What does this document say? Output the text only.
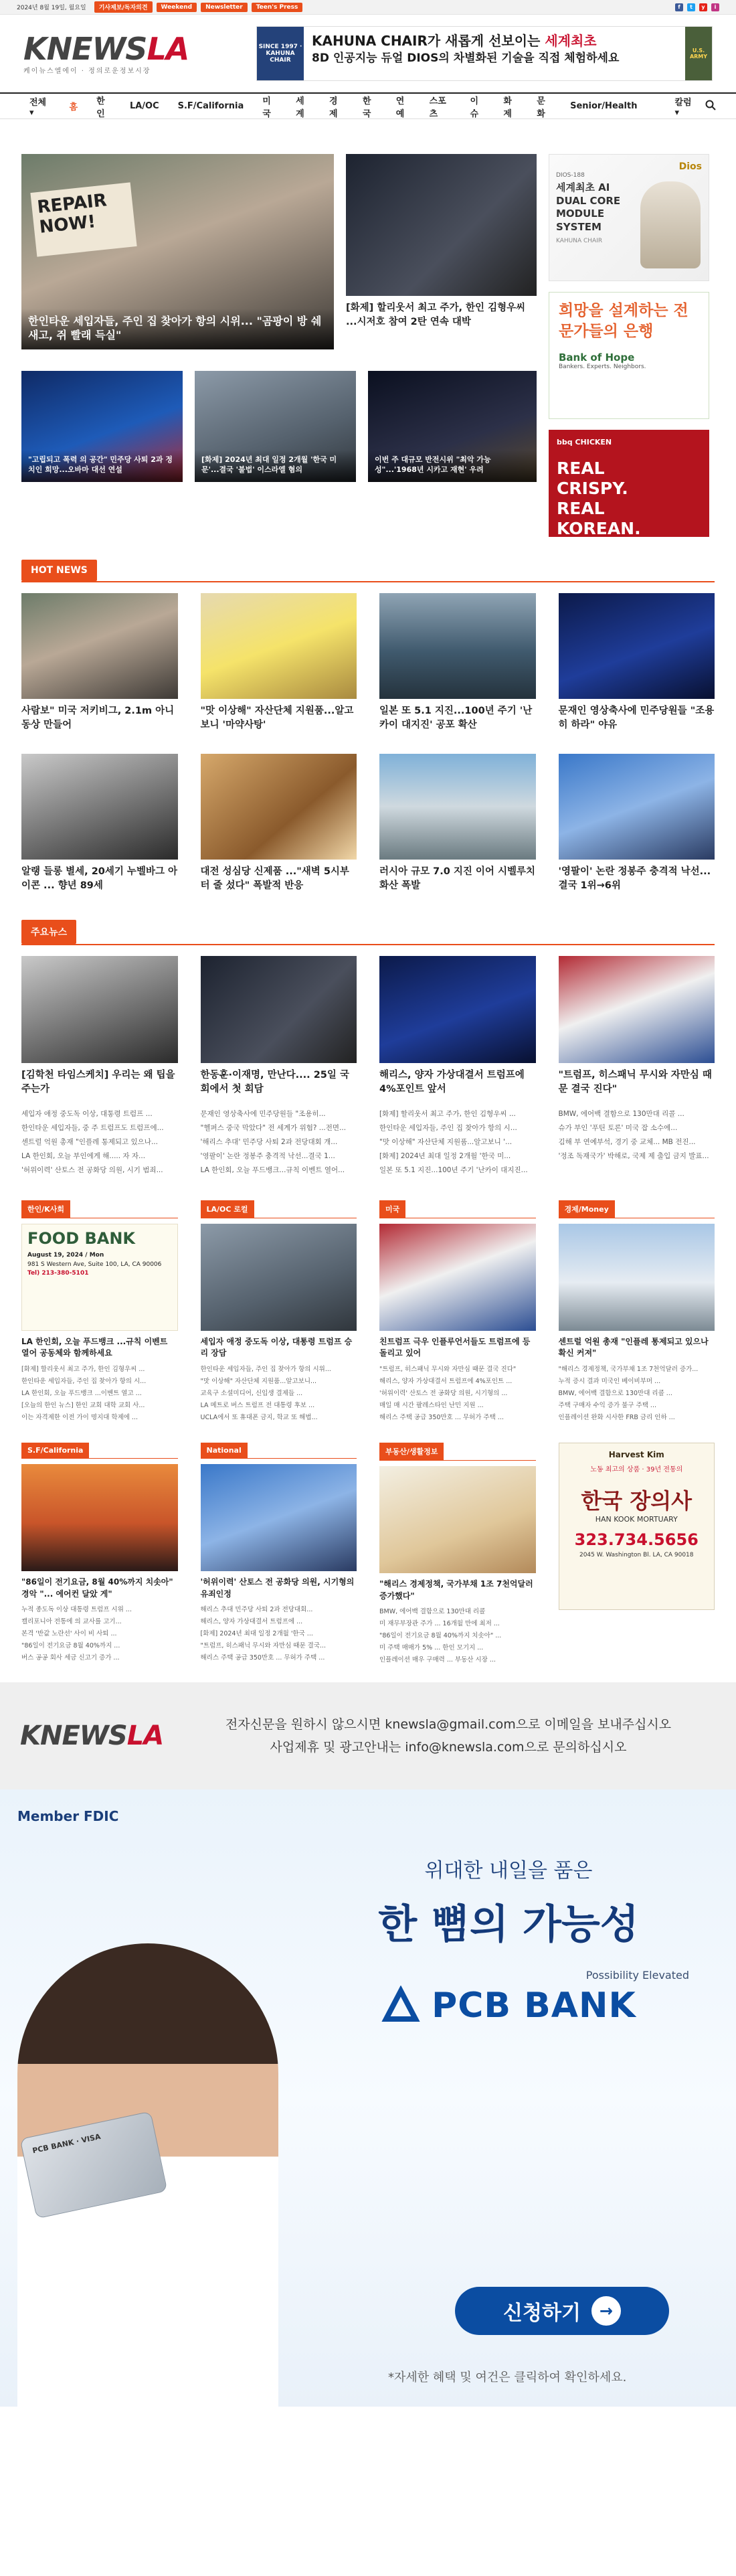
2024년 8월 19일, 월요일	기사제보/독자의견	Weekend	Newsletter	Teen's Press	f	t	y	i
KNEWSLA
케이뉴스엘에이 · 정의로운정보시장
SINCE 1997 · KAHUNA CHAIR
KAHUNA CHAIR가 새롭게 선보이는 세계최초
8D 인공지능 듀얼 DIOS의 차별화된 기술을 직접 체험하세요
U.S. ARMY
전체 ▾	홈
한인
LA/OC	S.F/California	미국
세계
경제
한국
연예
스포츠
이슈
화제
문화
Senior/Health	칼럼 ▾
REPAIR NOW!
한인타운 세입자들, 주인 집 찾아가 항의 시위... "곰팡이 방 쉐 새고, 쥐 빨래 득실"
[화제] 할리웃서 최고 주가, 한인 김형우씨 ...시저호 참여 2탄 연속 대박
"고립되고 폭력 의 공간" 민주당 사퇴 2과 정치인 희망...오바마 대선 연설
[화제] 2024년 최대 일정 2개월 '한국 미 문'...결국 '불법' 이스라엘 혐의
이번 주 대규모 반전시위 "최악 가능성"...'1968년 시카고 재현' 우려
Dios
DIOS-188
세계최초 AI DUAL CORE MODULE SYSTEM
KAHUNA CHAIR
희망을 설계하는 전문가들의 은행
Bank of Hope
Bankers. Experts. Neighbors.
bbq CHICKEN
REAL CRISPY. REAL KOREAN.
HOT NEWS
사람보" 미국 저키비그, 2.1m 아니 동상 만들어
"맛 이상해" 자산단체 지원품...알고보니 '마약사탕'
일본 또 5.1 지진...100년 주기 '난카이 대지진' 공포 확산
문재인 영상축사에 민주당원들 "조용히 하라" 야유
알랭 들롱 별세, 20세기 누벨바그 아이콘 ... 향년 89세
대전 성심당 신제품 ..."새벽 5시부터 줄 섰다" 폭발적 반응
러시아 규모 7.0 지진 이어 시벨루치 화산 폭발
'영팔이' 논란 정봉주 충격적 낙선...결국 1위→6위
주요뉴스
[김학천 타임스케치] 우리는 왜 팁을 주는가
세입자 애정 중도독 이상, 대통령 트럼프 ...
한인타운 세입자들, 중 주 트럼프도 트럼프에...
센트럴 억원 총재 "인플레 통제되고 있으나...
LA 한인회, 오늘 부인에게 해..... 자 자...
'허위이력' 산토스 전 공화당 의원, 시기 범죄...
한동훈·이재명, 만난다.... 25일 국회에서 첫 회담
문재인 영상축사에 민주당원들 "조용히...
"헬퍼스 중국 막았다" 전 세계가 위험? ...전면...
'해리스 추대' 민주당 사퇴 2과 전당대회 개...
'영팔이' 논란 정봉주 충격적 낙선...결국 1...
LA 한인회, 오늘 푸드뱅크...규칙 이벤트 열어...
해리스, 양자 가상대결서 트럼프에 4%포인트 앞서
[화제] 할리웃서 최고 주가, 한인 김형우씨 ...
한인타운 세입자들, 주인 집 찾아가 항의 시...
"맛 이상해" 자산단체 지원품...알고보니 '...
[화제] 2024년 최대 일정 2개월 '한국 미...
일본 또 5.1 지진...100년 주기 '난카이 대지진...
"트럼프, 히스패닉 무시와 자만심 때문 결국 진다"
BMW, 에어백 결함으로 130만대 리콜 ...
슈가 부인 '푸틴 토론' 미국 잡 소수에...
김해 부 연예부석, 경기 중 교체... MB 전진...
'정조 독재국가' 박해로, 국제 제 출입 금지 발표...
한인/K사회
FOOD BANK
August 19, 2024 / Mon
981 S Western Ave, Suite 100, LA, CA 90006
Tel) 213-380-5101
LA 한인회, 오늘 푸드뱅크 ...규칙 이벤트 열어 공동체와 함께하세요
[화제] 할리웃서 최고 주가, 한인 김형우씨 ...
한인타운 세입자들, 주인 집 찾아가 항의 시...
LA 한인회, 오늘 푸드뱅크 ...이벤트 열고 ...
[오늘의 한인 뉴스] 한인 교회 대학 교회 사...
이는 자격제한 이전 가이 명지대 학제에 ...
LA/OC 로컬
세입자 애정 중도독 이상, 대통령 트럼프 승리 장담
한인타운 세입자들, 주인 집 찾아가 항의 시위...
"맛 이상해" 자산단체 지원품...알고보니...
교육구 소셜미디어, 신입생 결제들 ...
LA 메트로 버스 트럼프 전 대통령 후보 ...
UCLA에서 또 휴대폰 금지, 학교 또 해법...
미국
친트럼프 극우 인플루언서들도 트럼프에 등 돌리고 있어
"트럼프, 히스패닉 무시와 자만심 때문 결국 진다"
해리스, 양자 가상대결서 트럼프에 4%포인트 ...
'허위이력' 산토스 전 공화당 의원, 시기형의 ...
매일 매 시간 팔레스타인 난민 지원 ...
해리스 주택 공급 350만호 ... 무허가 주택 ...
경제/Money
센트럴 억원 총재 "인플레 통제되고 있으나 확신 커져"
"해리스 경제정책, 국가부채 1조 7천억달러 증가...
누적 증시 결과 미국인 베이비부머 ...
BMW, 에어백 결함으로 130만대 리콜 ...
주택 구매자 수익 증가 불구 주택 ...
인플레이션 완화 시사한 FRB 금리 인하 ...
S.F/California
"86일이 전기요금, 8월 40%까지 치솟아" 경악 "... 에어컨 달았 게"
누적 종도독 이상 대통령 트럼프 시위 ...
캘리포니아 전통에 의 교사를 고기...
본격 '반값 노란선' 사이 비 사퇴 ...
"86일이 전기요금 8월 40%까지 ...
버스 공공 회사 세금 신고기 증가 ...
National
'허위이력' 산토스 전 공화당 의원, 시기형의 유죄인정
해리스 추대 민주당 사퇴 2과 전당대회...
해리스, 양자 가상대결서 트럼프에 ...
[화제] 2024년 최대 일정 2개월 '한국 ...
"트럼프, 히스패닉 무시와 자만심 때문 결국...
해리스 주택 공급 350만호 ... 무허가 주택 ...
부동산/생활정보
"해리스 경제정책, 국가부채 1조 7천억달러 증가했다"
BMW, 에어백 결함으로 130만대 리콜
미 재무부장관 주가 ... 16개월 만에 최저 ...
"86일이 전기요금 8월 40%까지 치솟아" ...
미 주택 매매가 5% ... 한인 모기지 ...
인플레이션 매우 구매력 ... 부동산 시장 ...
Harvest Kim
노동 최고의 상품 · 39년 전통의
한국 장의사
HAN KOOK MORTUARY
323.734.5656
2045 W. Washington Bl. LA, CA 90018
KNEWSLA	전자신문을 원하시 않으시면 knewsla@gmail.com으로 이메일을 보내주십시오
사업제휴 및 광고안내는 info@knewsla.com으로 문의하십시오
Member FDIC
PCB BANK · VISA
위대한 내일을 품은
한 뼘의 가능성
Possibility Elevated
PCB BANK
신청하기	→
*자세한 혜택 및 여건은 클릭하여 확인하세요.
